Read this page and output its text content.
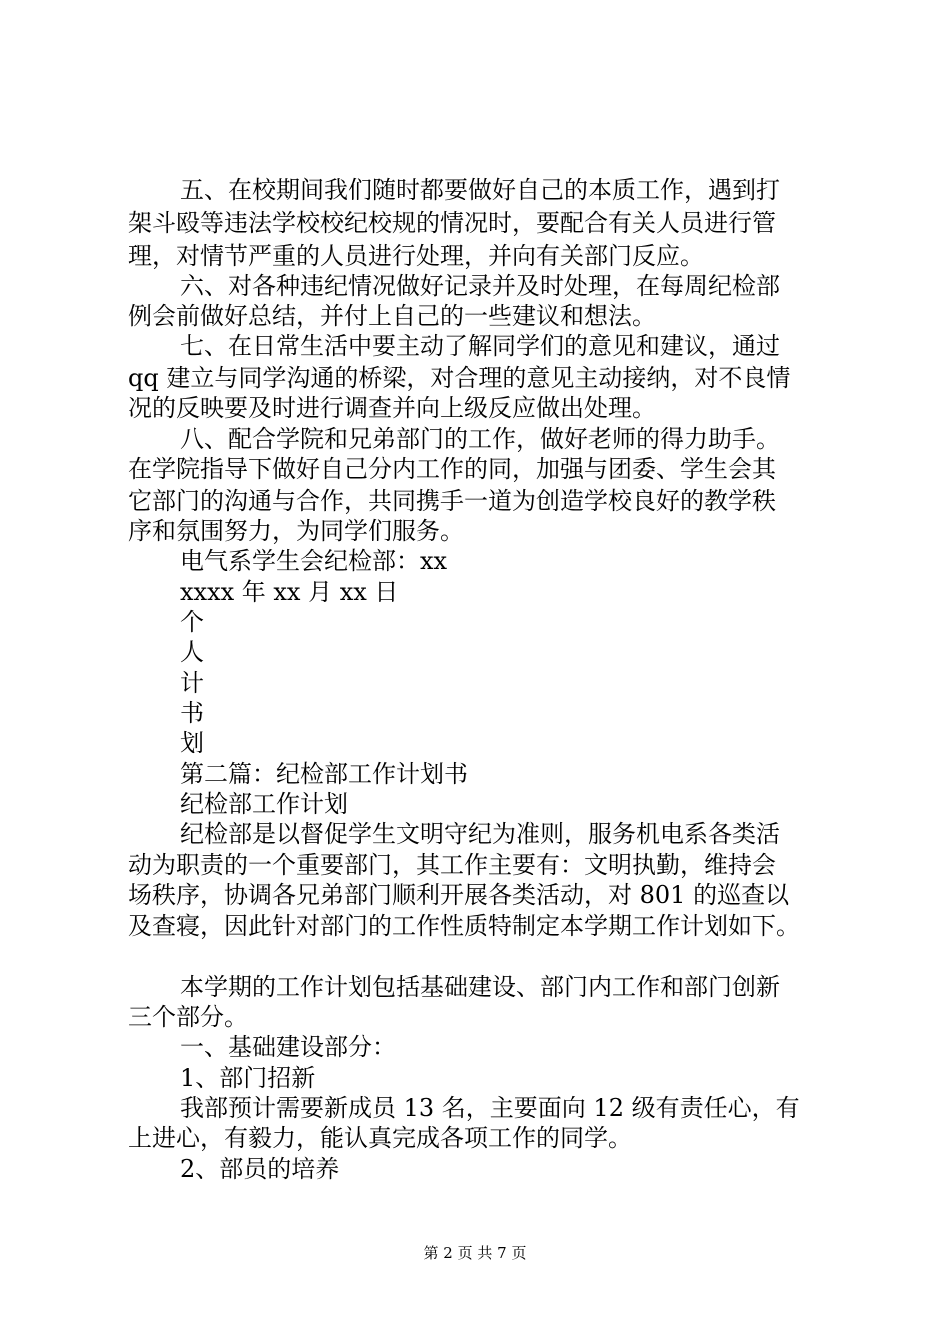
五、在校期间我们随时都要做好自己的本质工作，遇到打
架斗殴等违法学校校纪校规的情况时，要配合有关人员进行管
理，对情节严重的人员进行处理，并向有关部门反应。
六、对各种违纪情况做好记录并及时处理，在每周纪检部
例会前做好总结，并付上自己的一些建议和想法。
七、在日常生活中要主动了解同学们的意见和建议，通过
qq 建立与同学沟通的桥梁，对合理的意见主动接纳，对不良情
况的反映要及时进行调查并向上级反应做出处理。
八、配合学院和兄弟部门的工作，做好老师的得力助手。
在学院指导下做好自己分内工作的同，加强与团委、学生会其
它部门的沟通与合作，共同携手一道为创造学校良好的教学秩
序和氛围努力，为同学们服务。
电气系学生会纪检部：xx
xxxx 年 xx 月 xx 日
个
人
计
书
划
第二篇：纪检部工作计划书
纪检部工作计划
纪检部是以督促学生文明守纪为准则，服务机电系各类活
动为职责的一个重要部门，其工作主要有：文明执勤，维持会
场秩序，协调各兄弟部门顺利开展各类活动，对 801 的巡查以
及查寝，因此针对部门的工作性质特制定本学期工作计划如下。
本学期的工作计划包括基础建设、部门内工作和部门创新
三个部分。
一、基础建设部分：
1、部门招新
我部预计需要新成员 13 名，主要面向 12 级有责任心，有
上进心，有毅力，能认真完成各项工作的同学。
2、部员的培养
第 2 页 共 7 页
